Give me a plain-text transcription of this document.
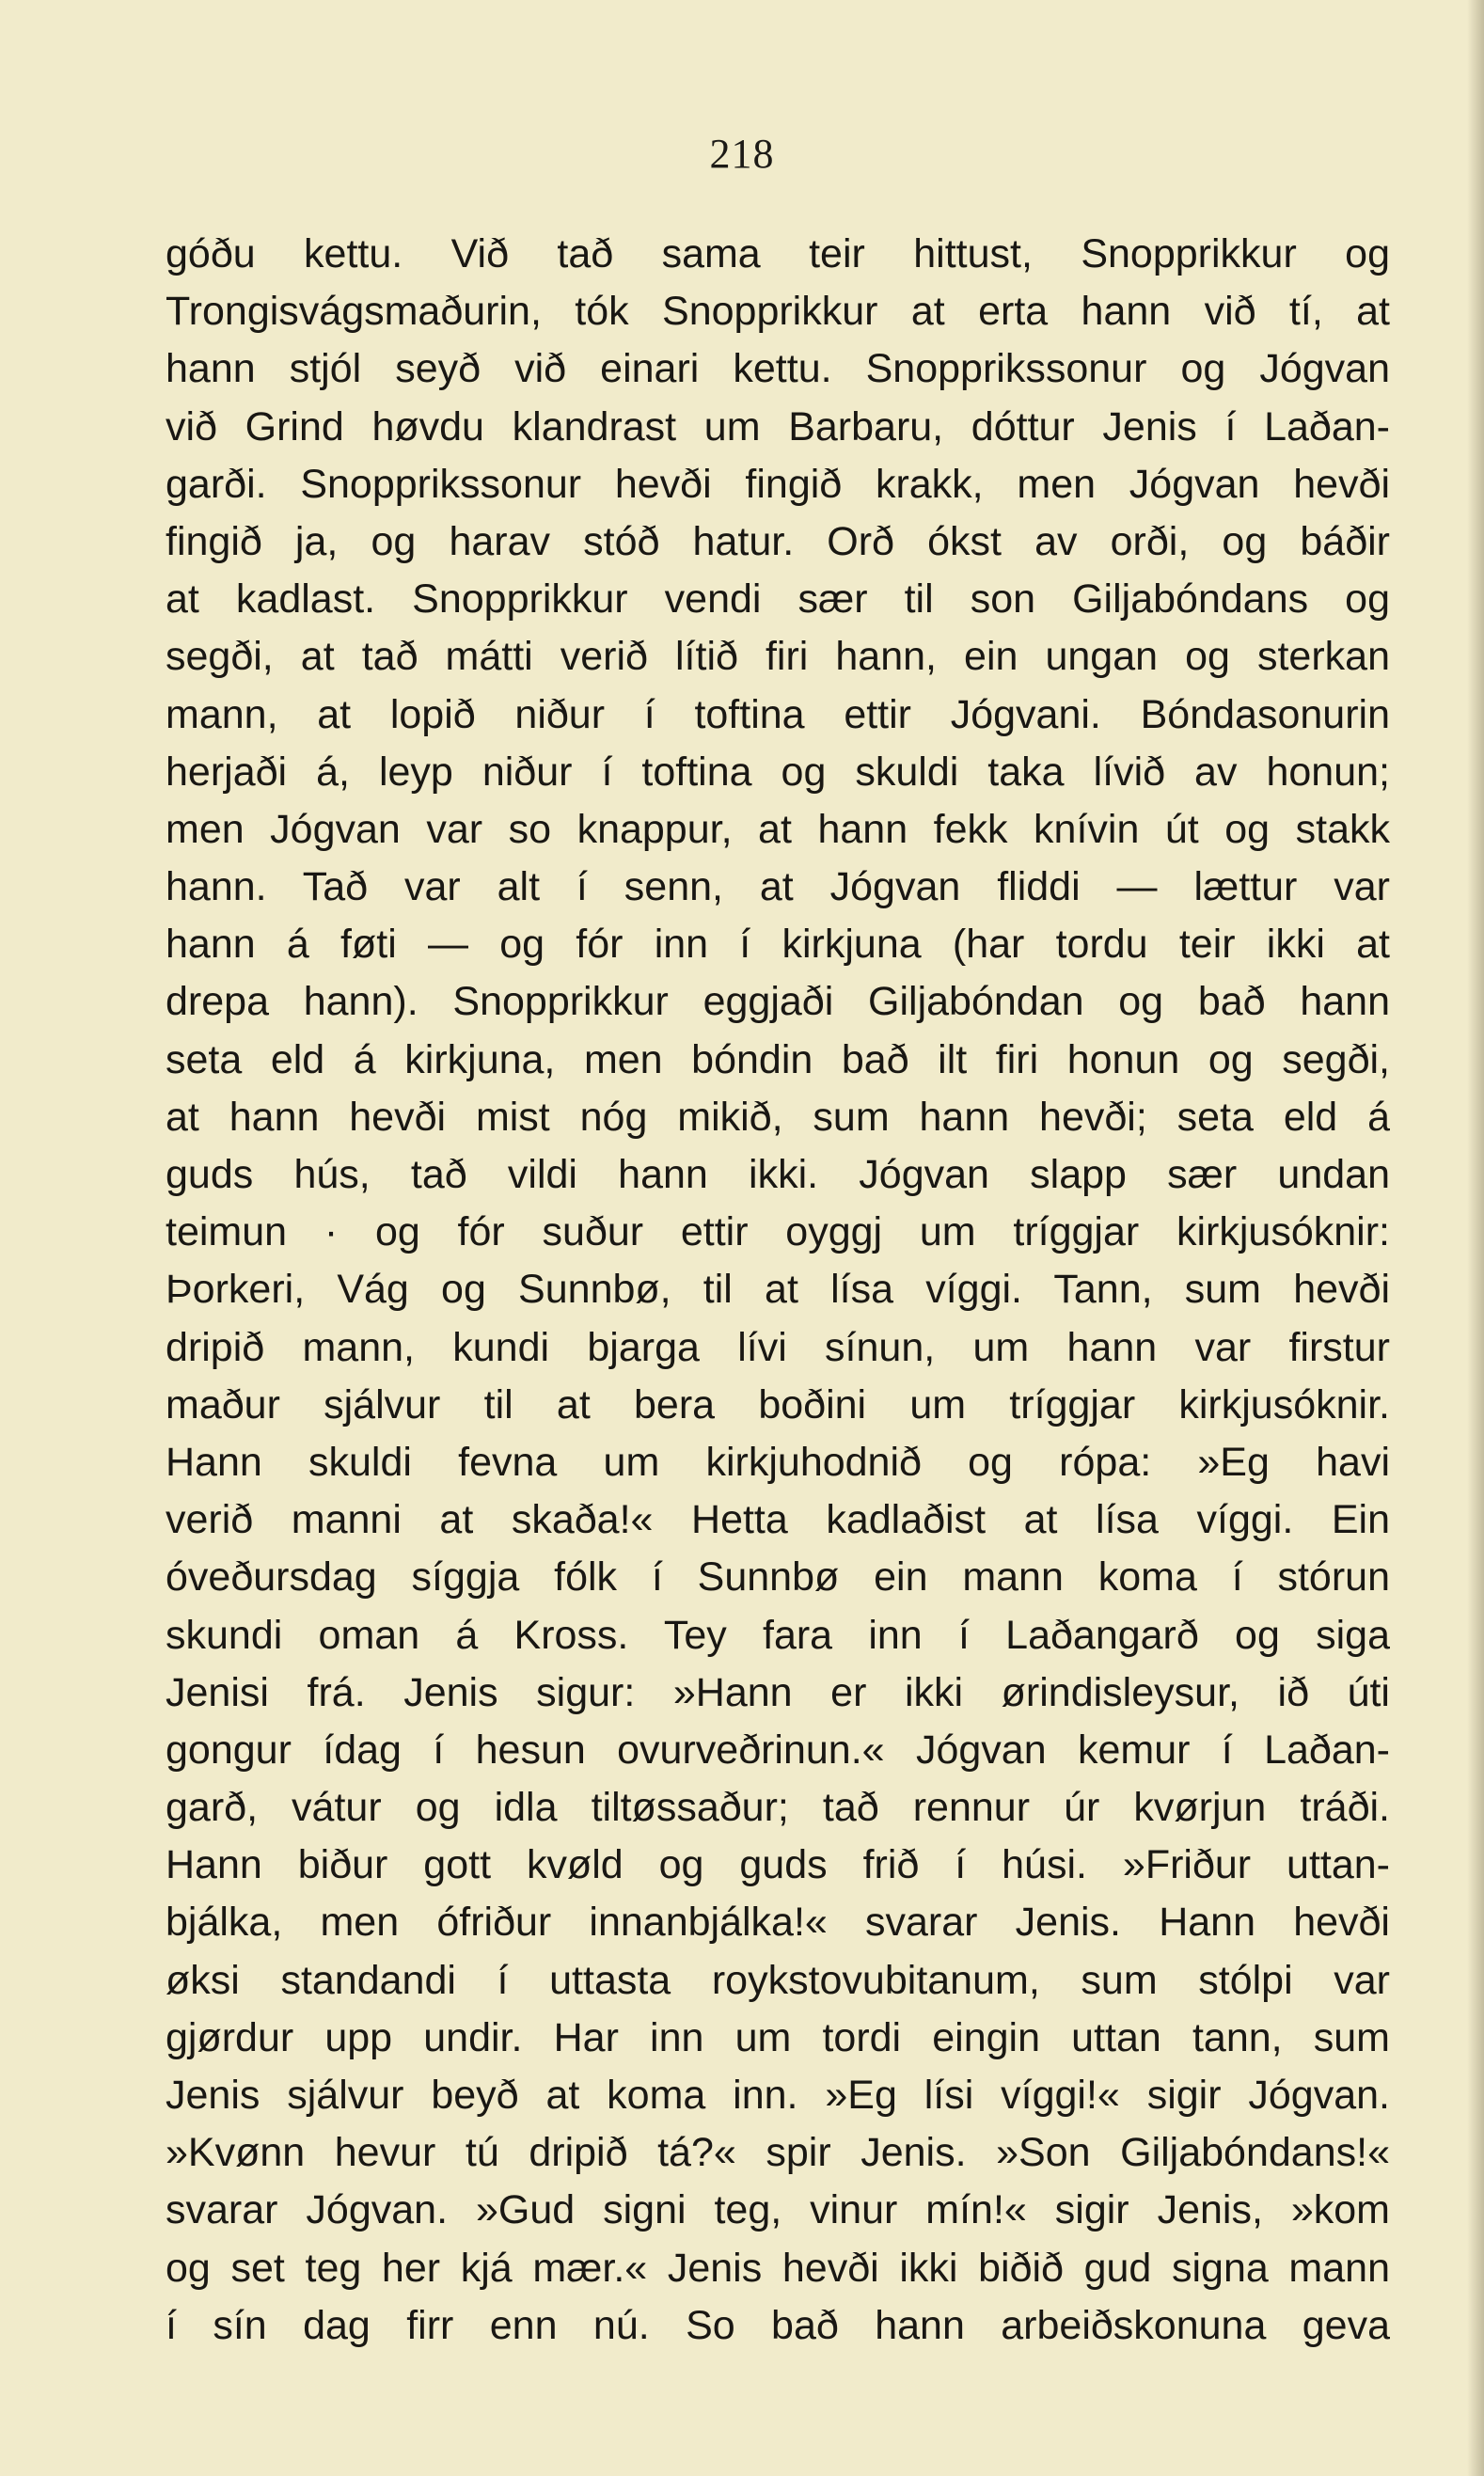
218
góðu kettu. Við tað sama teir hittust, Snopprikkur og
Trongisvágsmaðurin, tók Snopprikkur at erta hann við tí, at
hann stjól seyð við einari kettu. Snopprikssonur og Jógvan
við Grind høvdu klandrast um Barbaru, dóttur Jenis í Laðan-
garði. Snopprikssonur hevði fingið krakk, men Jógvan hevði
fingið ja, og harav stóð hatur. Orð ókst av orði, og báðir
at kadlast. Snopprikkur vendi sær til son Giljabóndans og
segði, at tað mátti verið lítið firi hann, ein ungan og sterkan
mann, at lopið niður í toftina ettir Jógvani. Bóndasonurin
herjaði á, leyp niður í toftina og skuldi taka lívið av honun;
men Jógvan var so knappur, at hann fekk knívin út og stakk
hann. Tað var alt í senn, at Jógvan fliddi — lættur var
hann á føti — og fór inn í kirkjuna (har tordu teir ikki at
drepa hann). Snopprikkur eggjaði Giljabóndan og bað hann
seta eld á kirkjuna, men bóndin bað ilt firi honun og segði,
at hann hevði mist nóg mikið, sum hann hevði; seta eld á
guds hús, tað vildi hann ikki. Jógvan slapp sær undan
teimun · og fór suður ettir oyggj um tríggjar kirkjusóknir:
Þorkeri, Vág og Sunnbø, til at lísa víggi. Tann, sum hevði
dripið mann, kundi bjarga lívi sínun, um hann var firstur
maður sjálvur til at bera boðini um tríggjar kirkjusóknir.
Hann skuldi fevna um kirkjuhodnið og rópa: »Eg havi
verið manni at skaða!« Hetta kadlaðist at lísa víggi. Ein
óveðursdag síggja fólk í Sunnbø ein mann koma í stórun
skundi oman á Kross. Tey fara inn í Laðangarð og siga
Jenisi frá. Jenis sigur: »Hann er ikki ørindisleysur, ið úti
gongur ídag í hesun ovurveðrinun.« Jógvan kemur í Laðan-
garð, vátur og idla tiltøssaður; tað rennur úr kvørjun tráði.
Hann biður gott kvøld og guds frið í húsi. »Friður uttan-
bjálka, men ófriður innanbjálka!« svarar Jenis. Hann hevði
øksi standandi í uttasta roykstovubitanum, sum stólpi var
gjørdur upp undir. Har inn um tordi eingin uttan tann, sum
Jenis sjálvur beyð at koma inn. »Eg lísi víggi!« sigir Jógvan.
»Kvønn hevur tú dripið tá?« spir Jenis. »Son Giljabóndans!«
svarar Jógvan. »Gud signi teg, vinur mín!« sigir Jenis, »kom
og set teg her kjá mær.« Jenis hevði ikki biðið gud signa mann
í sín dag firr enn nú. So bað hann arbeiðskonuna geva
